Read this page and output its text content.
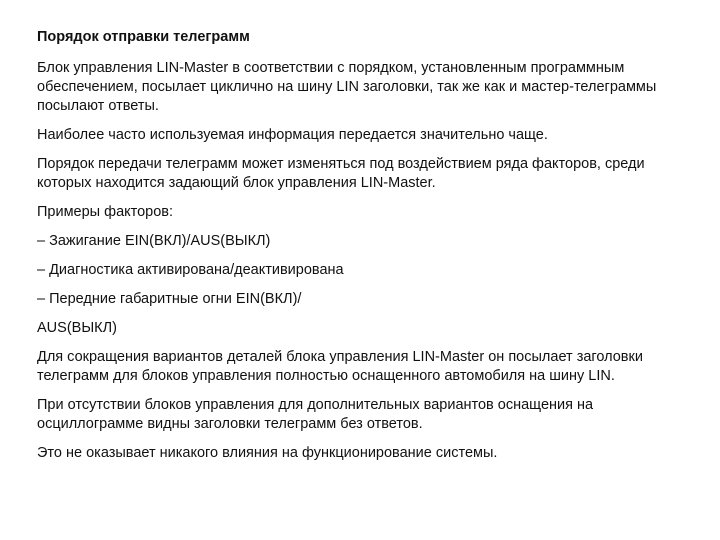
Порядок отправки телеграмм
Блок управления LIN-Master в соответствии с порядком, установленным программным обеспечением, посылает циклично на шину LIN заголовки, так же как и мастер-телеграммы посылают ответы.
Наиболее часто используемая информация передается значительно чаще.
Порядок передачи телеграмм может изменяться под воздействием ряда факторов, среди которых находится задающий блок управления LIN-Master.
Примеры факторов:
– Зажигание EIN(ВКЛ)/AUS(ВЫКЛ)
– Диагностика активирована/деактивирована
– Передние габаритные огни EIN(ВКЛ)/
AUS(ВЫКЛ)
Для сокращения вариантов деталей блока управления LIN-Master он посылает заголовки телеграмм для блоков управления полностью оснащенного автомобиля на шину LIN.
При отсутствии блоков управления для дополнительных вариантов оснащения на осциллограмме видны заголовки телеграмм без ответов.
Это не оказывает никакого влияния на функционирование системы.
